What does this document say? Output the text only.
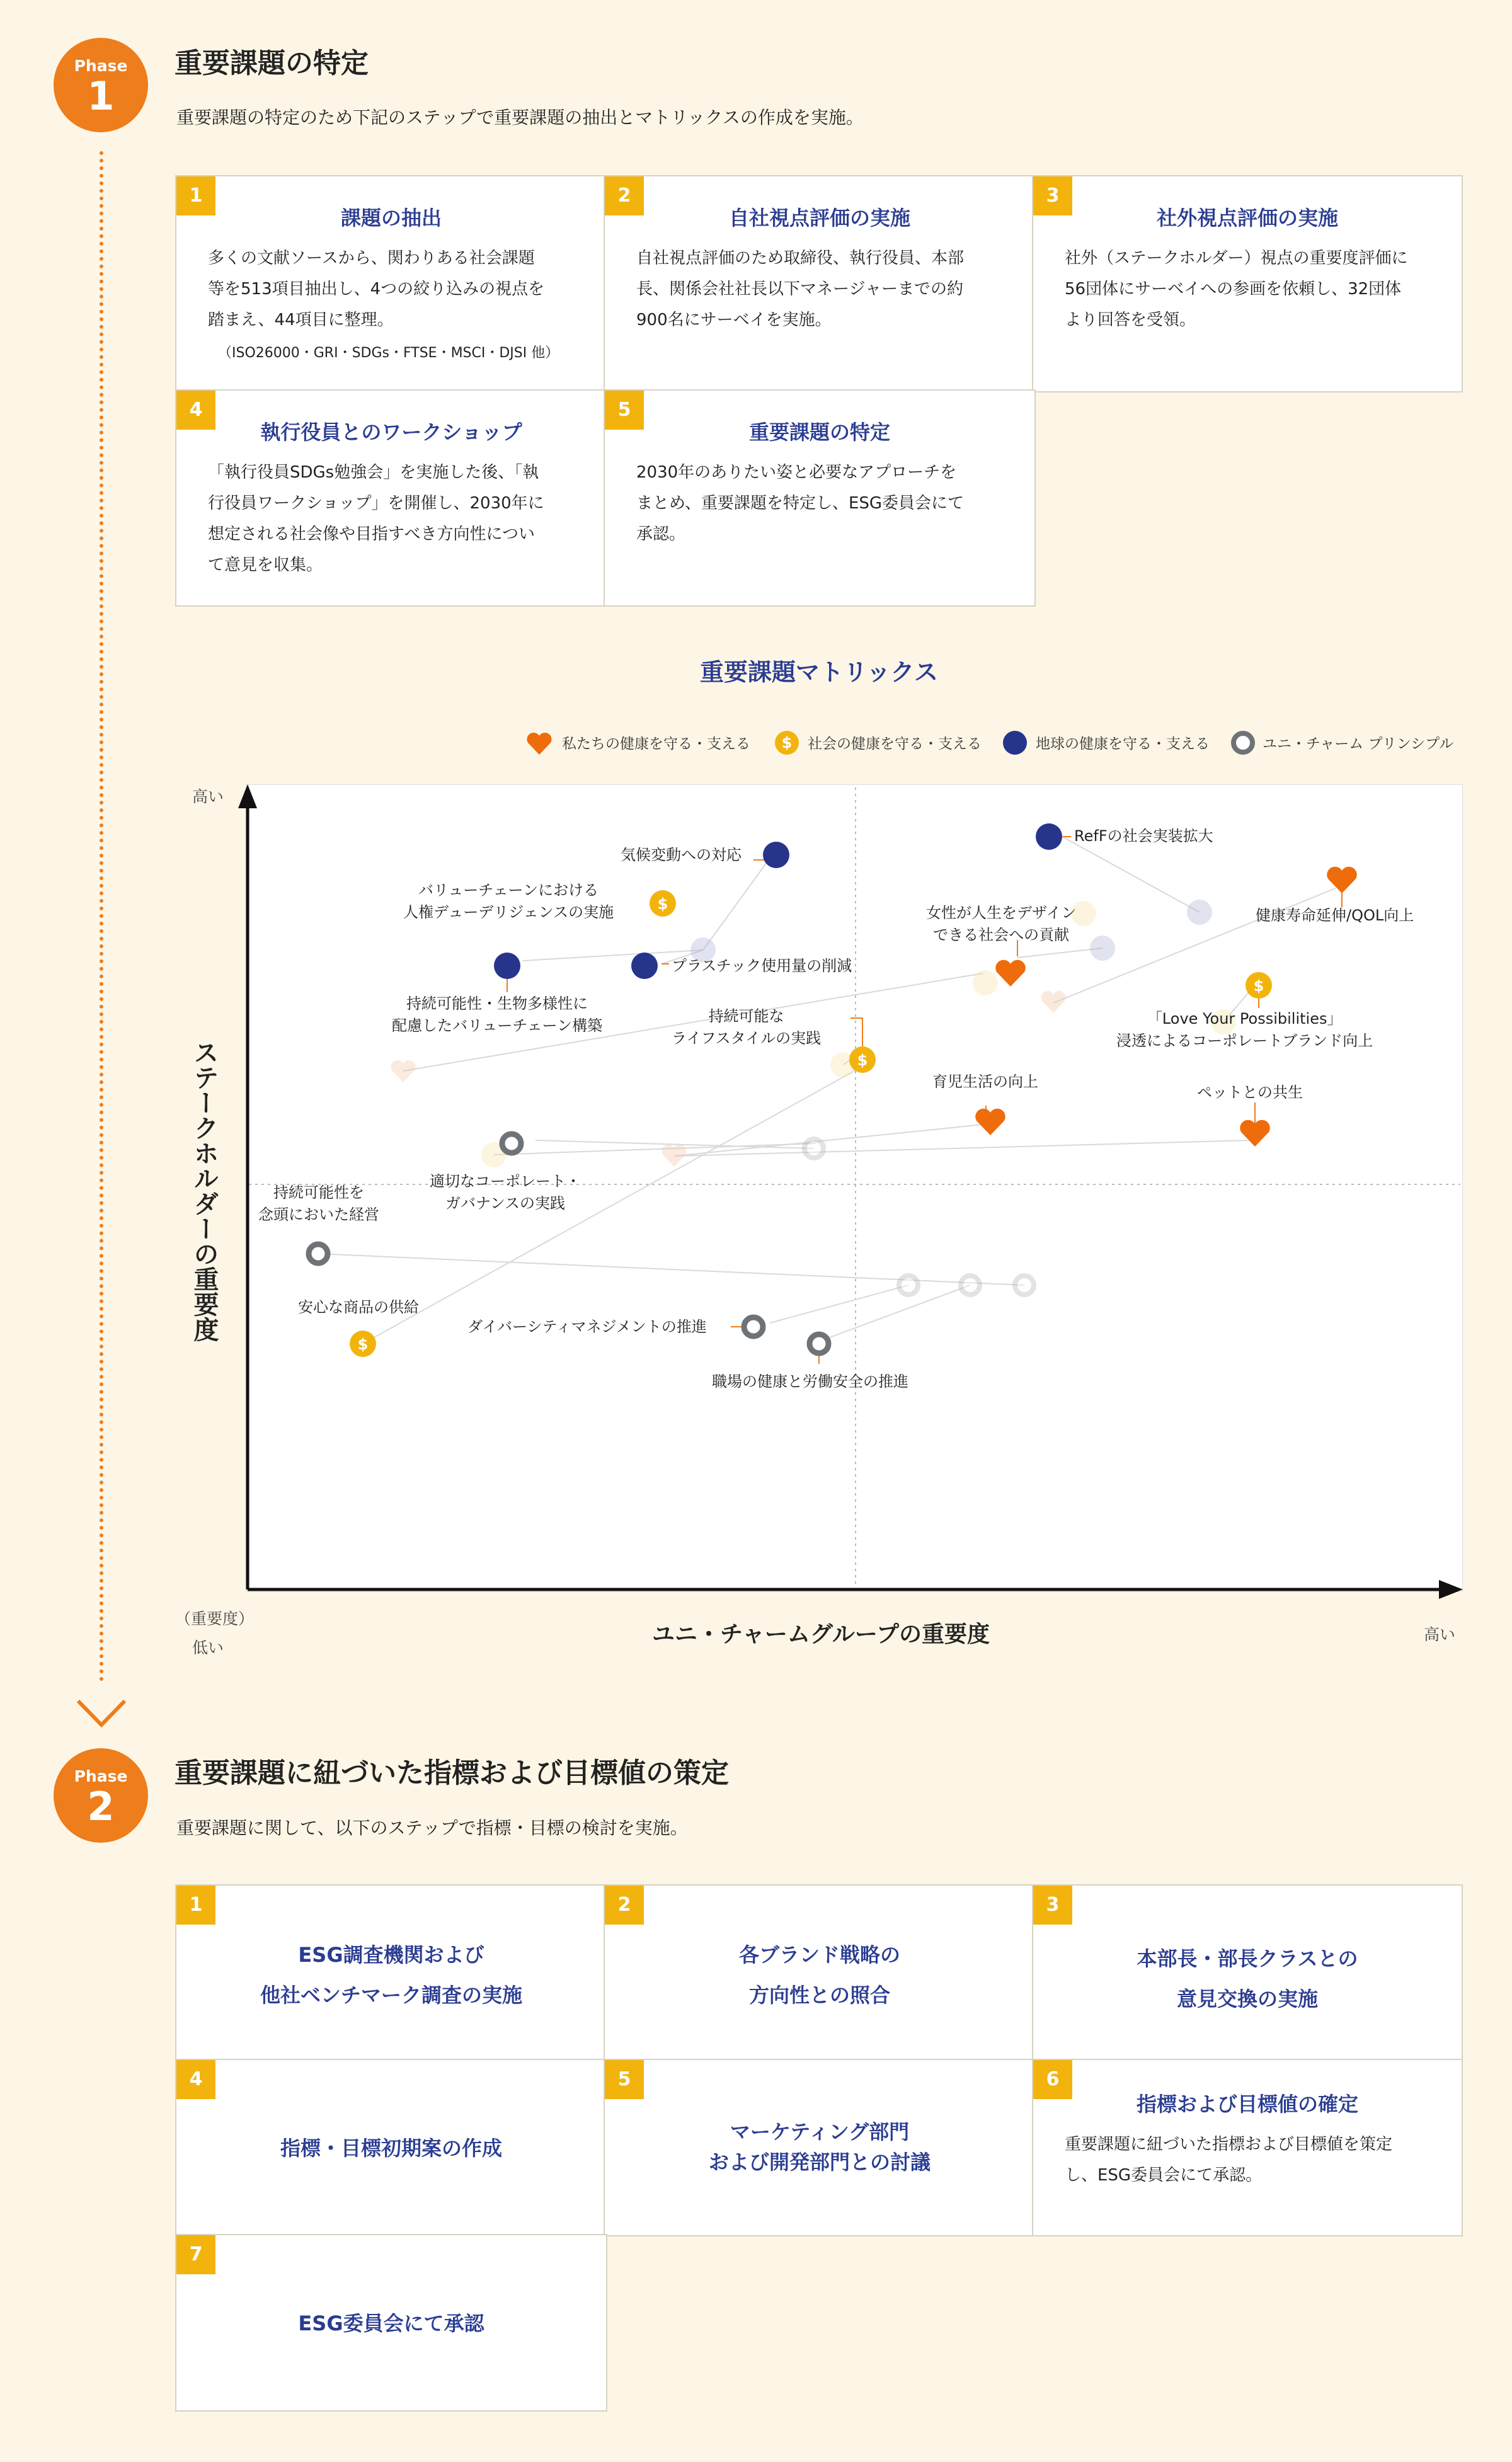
Phase
1
重要課題の特定
重要課題の特定のため下記のステップで重要課題の抽出とマトリックスの作成を実施。
1
課題の抽出
多くの文献ソースから、関わりある社会課題
等を513項目抽出し、4つの絞り込みの視点を
踏まえ、44項目に整理。
（ISO26000・GRI・SDGs・FTSE・MSCI・DJSI 他）
2
自社視点評価の実施
自社視点評価のため取締役、執行役員、本部
長、関係会社社長以下マネージャーまでの約
900名にサーベイを実施。
3
社外視点評価の実施
社外（ステークホルダー）視点の重要度評価に
56団体にサーベイへの参画を依頼し、32団体
より回答を受領。
4
執行役員とのワークショップ
「執行役員SDGs勉強会」を実施した後、「執
行役員ワークショップ」を開催し、2030年に
想定される社会像や目指すべき方向性につい
て意見を収集。
5
重要課題の特定
2030年のありたい姿と必要なアプローチを
まとめ、重要課題を特定し、ESG委員会にて
承認。
重要課題マトリックス
私たちの健康を守る・支える $ 社会の健康を守る・支える	地球の健康を守る・支える	ユニ・チャーム プリンシプル
$
$
$
$
高い
高い
（重要度）
低い
ユニ・チャームグループの重要度
ステークホルダーの重要度
RefFの社会実装拡大
気候変動への対応
バリューチェーンにおける
人権デューデリジェンスの実施	女性が人生をデザイン
できる社会への貢献
健康寿命延伸/QOL向上
プラスチック使用量の削減
持続可能性・生物多様性に
配慮したバリューチェーン構築
持続可能な
ライフスタイルの実践
「Love Your Possibilities」
浸透によるコーポレートブランド向上
育児生活の向上
ペットとの共生
適切なコーポレート・
ガバナンスの実践
持続可能性を
念頭においた経営
安心な商品の供給
ダイバーシティマネジメントの推進
職場の健康と労働安全の推進
Phase
2
重要課題に紐づいた指標および目標値の策定
重要課題に関して、以下のステップで指標・目標の検討を実施。
1
ESG調査機関および
他社ベンチマーク調査の実施
2
各ブランド戦略の
方向性との照合
3
本部長・部長クラスとの
意見交換の実施
4
指標・目標初期案の作成
5
マーケティング部門
および開発部門との討議
6
指標および目標値の確定
重要課題に紐づいた指標および目標値を策定
し、ESG委員会にて承認。
7
ESG委員会にて承認
